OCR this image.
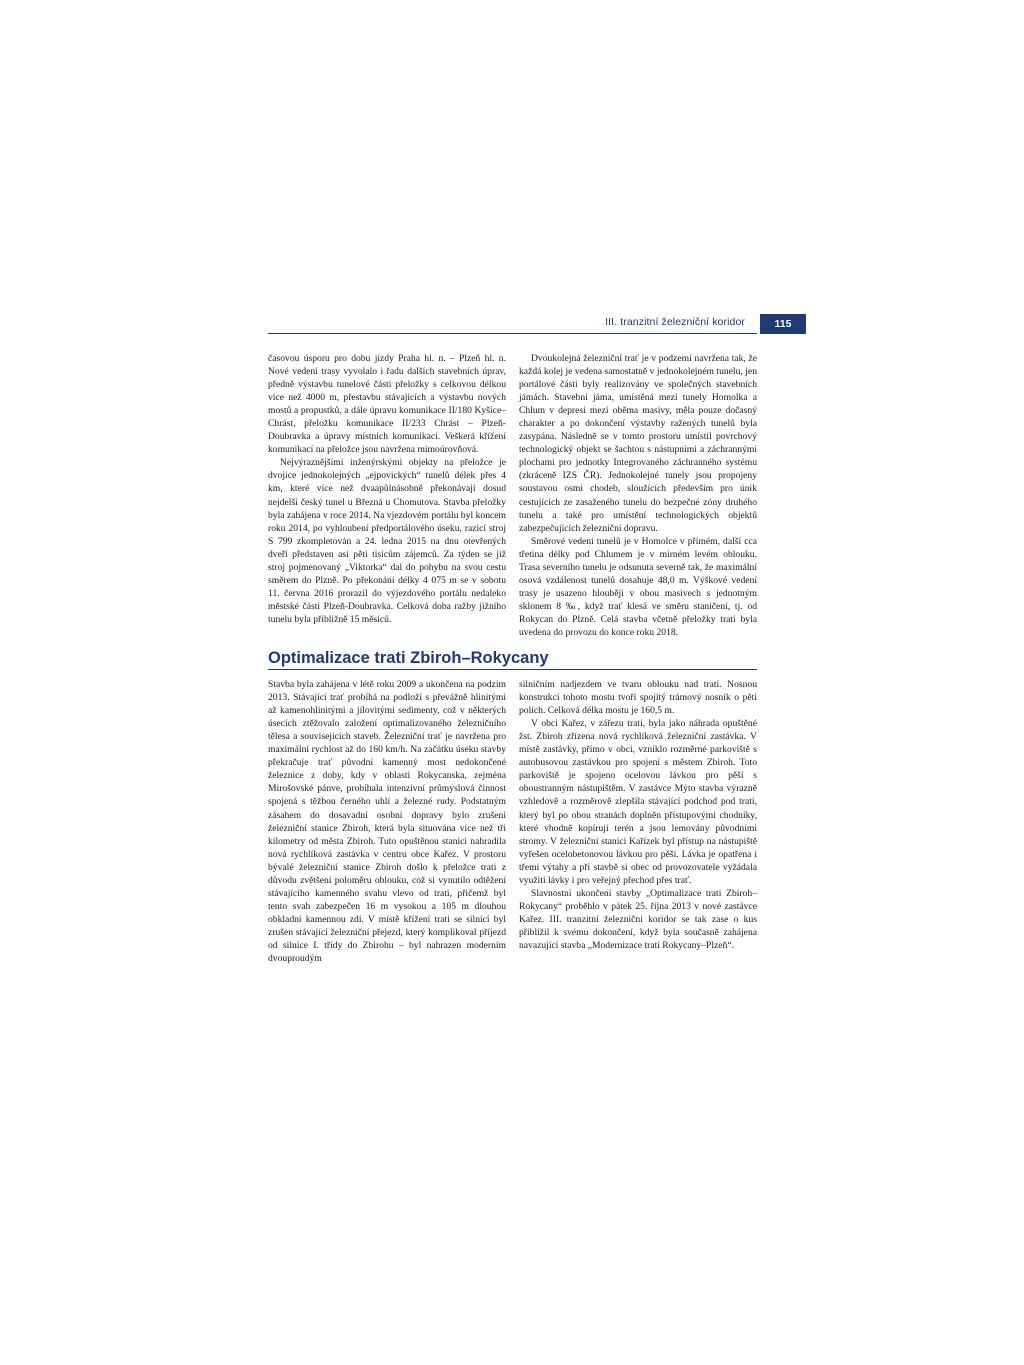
III. tranzitní železniční koridor	115

časovou úsporu pro dobu jízdy Praha hl. n. – Plzeň hl. n. Nové vedení trasy vyvolalo i řadu dalších stavebních úprav, předně výstavbu tunelové části přeložky s celkovou délkou více než 4000 m, přestavbu stávajících a výstavbu nových mostů a propustků, a dále úpravu komunikace II/180 Kyšice–Chrást, přeložku komunikace II/233 Chrást – Plzeň-Doubravka a úpravy místních komunikací. Veškerá křížení komunikací na přeložce jsou navržena mimoúrovňová.

Nejvýraznějšími inženýrskými objekty na přeložce je dvojice jednokolejných „ejpovických“ tunelů délek přes 4 km, které více než dvaapůlnásobně překonávají dosud nejdelší český tunel u Březná u Chomutova. Stavba přeložky byla zahájena v roce 2014. Na vjezdovém portálu byl koncem roku 2014, po vyhloubení předportálového úseku, razicí stroj S 799 zkompletován a 24. ledna 2015 na dnu otevřených dveří představen asi pěti tisícům zájemců. Za týden se již stroj pojmenovaný „Viktorka“ dal do pohybu na svou cestu směrem do Plzně. Po překonání délky 4 075 m se v sobotu 11. června 2016 prorazil do výjezdového portálu nedaleko městské části Plzeň-Doubravka. Celková doba ražby jižního tunelu byla přibližně 15 měsíců.

Dvoukolejná železniční trať je v podzemí navržena tak, že každá kolej je vedena samostatně v jednokolejném tunelu, jen portálové části byly realizovány ve společných stavebních jámách. Stavební jáma, umístěná mezi tunely Homolka a Chlum v depresi mezi oběma masivy, měla pouze dočasný charakter a po dokončení výstavby ražených tunelů byla zasypána. Následně se v tomto prostoru umístil povrchový technologický objekt se šachtou s nástupními a záchrannými plochami pro jednotky Integrovaného záchranného systému (zkráceně IZS ČR). Jednokolejné tunely jsou propojeny soustavou osmi chodeb, sloužících především pro únik cestujících ze zasaženého tunelu do bezpečné zóny druhého tunelu a také pro umístění technologických objektů zabezpečujících železniční dopravu.

Směrové vedení tunelů je v Homolce v přímém, další cca třetina délky pod Chlumem je v mírném levém oblouku. Trasa severního tunelu je odsunuta severně tak, že maximální osová vzdálenost tunelů dosahuje 48,0 m. Výškové vedení trasy je usazeno hlouběji v obou masivech s jednotným sklonem 8 ‰, když trať klesá ve směru staničení, tj. od Rokycan do Plzně. Celá stavba včetně přeložky trati byla uvedena do provozu do konce roku 2018.

Optimalizace trati Zbiroh–Rokycany

Stavba byla zahájena v létě roku 2009 a ukončena na podzim 2013. Stávající trať probíhá na podloží s převážně hlinitými až kamenohlinitými a jílovitými sedimenty, což v některých úsecích ztěžovalo založení optimalizovaného železničního tělesa a souvisejících staveb. Železniční trať je navržena pro maximální rychlost až do 160 km/h. Na začátku úseku stavby překračuje trať původní kamenný most nedokončené železnice z doby, kdy v oblasti Rokycanska, zejména Mirošovské pánve, probíhala intenzivní průmyslová činnost spojená s těžbou černého uhlí a železné rudy. Podstatným zásahem do dosavadní osobní dopravy bylo zrušení železniční stanice Zbiroh, která byla situována více než tři kilometry od města Zbiroh. Tuto opuštěnou stanici nahradila nová rychlíková zastávka v centru obce Kařez. V prostoru bývalé železniční stanice Zbiroh došlo k přeložce trati z důvodu zvětšení poloměru oblouku, což si vynutilo odtěžení stávajícího kamenného svahu vlevo od trati, přičemž byl tento svah zabezpečen 16 m vysokou a 105 m dlouhou obkladní kamennou zdí. V místě křížení trati se silnicí byl zrušen stávající železniční přejezd, který komplikoval příjezd od silnice I. třídy do Zbirohu – byl nahrazen moderním dvouproudým

silničním nadjezdem ve tvaru oblouku nad tratí. Nosnou konstrukci tohoto mostu tvoří spojitý trámový nosník o pěti polích. Celková délka mostu je 160,5 m.

V obci Kařez, v zářezu trati, byla jako náhrada opuštěné žst. Zbiroh zřízena nová rychlíková železniční zastávka. V místě zastávky, přímo v obci, vzniklo rozměrné parkoviště s autobusovou zastávkou pro spojení s městem Zbiroh. Toto parkoviště je spojeno ocelovou lávkou pro pěší s oboustranným nástupištěm. V zastávce Mýto stavba výrazně vzhledově a rozměrově zlepšila stávající podchod pod tratí, který byl po obou stranách doplněn přístupovými chodníky, které vhodně kopírují terén a jsou lemovány původními stromy. V železniční stanici Kařízek byl přístup na nástupiště vyřešen ocelobetonovou lávkou pro pěší. Lávka je opatřena i třemi výtahy a při stavbě si obec od provozovatele vyžádala využití lávky i pro veřejný přechod přes trať.

Slavnostní ukončení stavby „Optimalizace trati Zbiroh–Rokycany“ proběhlo v pátek 25. října 2013 v nové zastávce Kařez. III. tranzitní železniční koridor se tak zase o kus přiblížil k svému dokončení, když byla současně zahájena navazující stavba „Modernizace trati Rokycany–Plzeň“.
